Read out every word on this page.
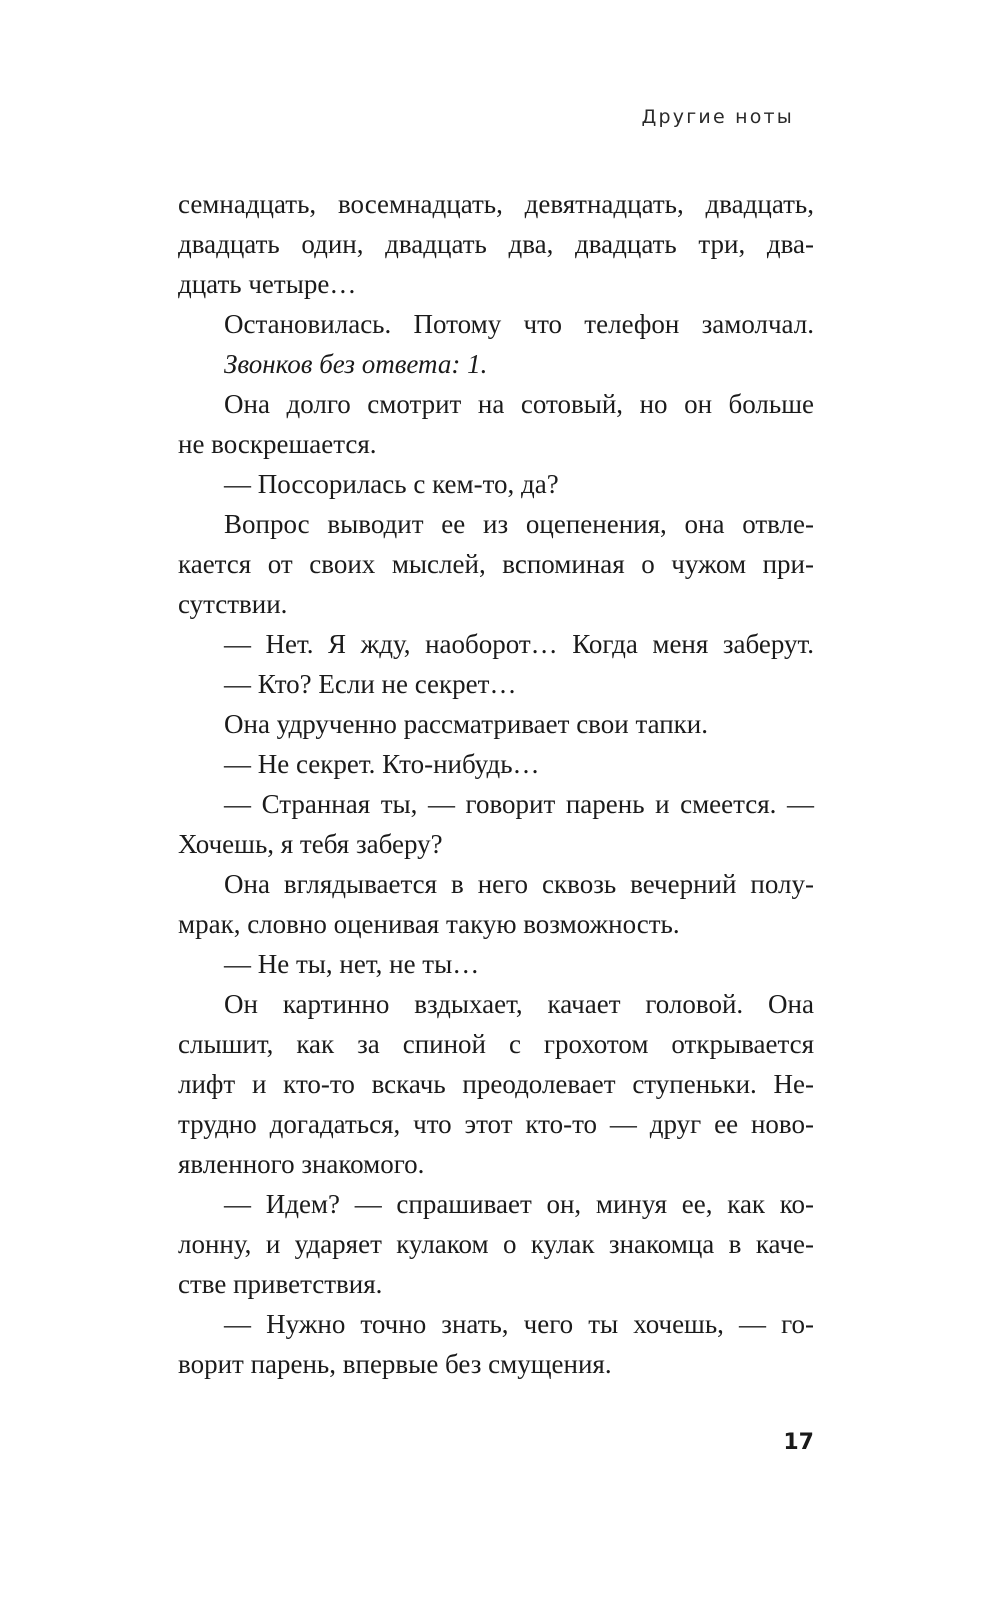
Другие ноты
семнадцать, восемнадцать, девятнадцать, двадцать,
двадцать один, двадцать два, двадцать три, два-
дцать четыре…
Остановилась. Потому что телефон замолчал.
Звонков без ответа: 1.
Она долго смотрит на сотовый, но он больше
не воскрешается.
— Поссорилась с кем-то, да?
Вопрос выводит ее из оцепенения, она отвле-
кается от своих мыслей, вспоминая о чужом при-
сутствии.
— Нет. Я жду, наоборот… Когда меня заберут.
— Кто? Если не секрет…
Она удрученно рассматривает свои тапки.
— Не секрет. Кто-нибудь…
— Странная ты, — говорит парень и смеется. —
Хочешь, я тебя заберу?
Она вглядывается в него сквозь вечерний полу-
мрак, словно оценивая такую возможность.
— Не ты, нет, не ты…
Он картинно вздыхает, качает головой. Она
слышит, как за спиной с грохотом открывается
лифт и кто-то вскачь преодолевает ступеньки. Не-
трудно догадаться, что этот кто-то — друг ее ново-
явленного знакомого.
— Идем? — спрашивает он, минуя ее, как ко-
лонну, и ударяет кулаком о кулак знакомца в каче-
стве приветствия.
— Нужно точно знать, чего ты хочешь, — го-
ворит парень, впервые без смущения.
17
